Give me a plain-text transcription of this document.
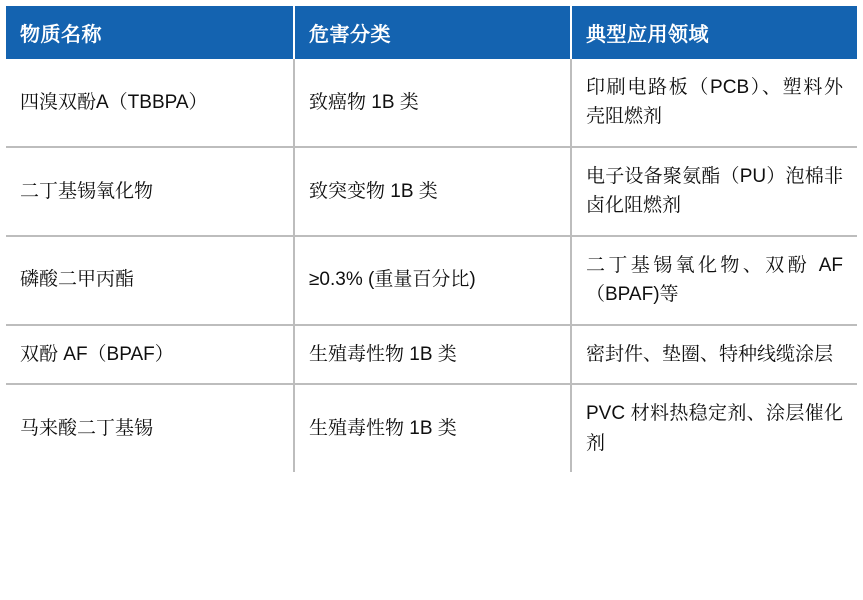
物质名称	危害分类	典型应用领域
四溴双酚A（TBBPA）	致癌物 1B 类	印刷电路板（PCB）、塑料外壳阻燃剂
二丁基锡氧化物	致突变物 1B 类	电子设备聚氨酯（PU）泡棉非卤化阻燃剂
磷酸二甲丙酯	≥0.3% (重量百分比)	二丁基锡氧化物、双酚 AF（BPAF)等
双酚 AF（BPAF）	生殖毒性物 1B 类	密封件、垫圈、特种线缆涂层
马来酸二丁基锡	生殖毒性物 1B 类	PVC 材料热稳定剂、涂层催化剂
